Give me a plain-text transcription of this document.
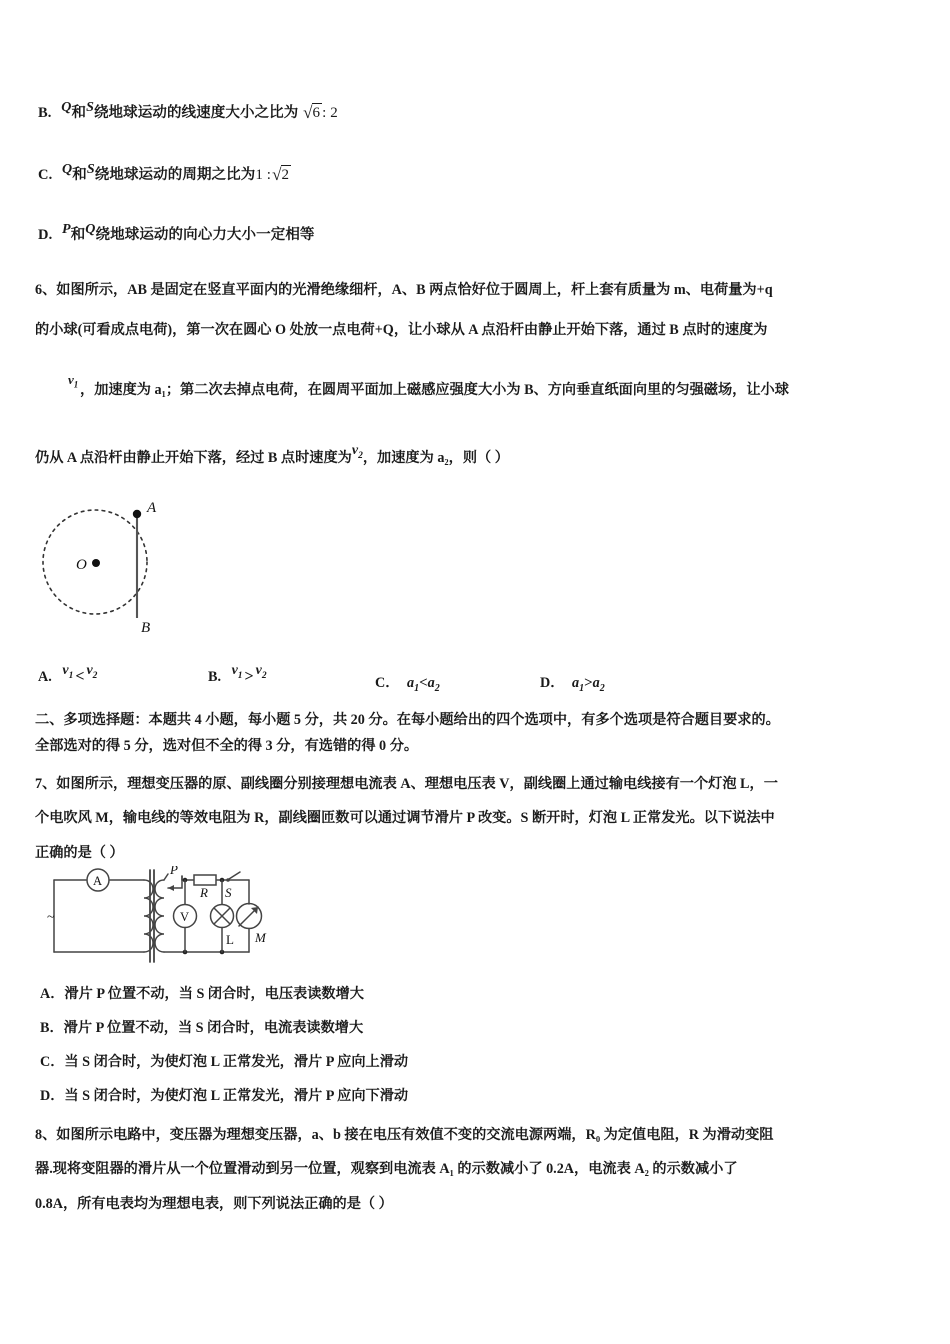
B. Q和S绕地球运动的线速度大小之比为 √6 : 2
C. Q和S绕地球运动的周期之比为1 :√2
D. P和Q绕地球运动的向心力大小一定相等
6、如图所示，AB 是固定在竖直平面内的光滑绝缘细杆，A、B 两点恰好位于圆周上，杆上套有质量为 m、电荷量为+q
的小球(可看成点电荷)，第一次在圆心 O 处放一点电荷+Q，让小球从 A 点沿杆由静止开始下落，通过 B 点时的速度为
$v_1$ ，加速度为 a₁；第二次去掉点电荷，在圆周平面加上磁感应强度大小为 B、方向垂直纸面向里的匀强磁场，让小球
仍从 A 点沿杆由静止开始下落，经过 B 点时速度为$v_2$，加速度为 a₂，则（ ）
A
B
O
A. $v_1 < v_2$	B. $v_1 > v_2$	C． $a_1<a_2$	D． $a_1>a_2$
二、多项选择题：本题共 4 小题，每小题 5 分，共 20 分。在每小题给出的四个选项中，有多个选项是符合题目要求的。
全部选对的得 5 分，选对但不全的得 3 分，有选错的得 0 分。
7、如图所示，理想变压器的原、副线圈分别接理想电流表 A、理想电压表 V，副线圈上通过输电线接有一个灯泡 L，一
个电吹风 M，输电线的等效电阻为 R，副线圈匝数可以通过调节滑片 P 改变。S 断开时，灯泡 L 正常发光。以下说法中
正确的是（ ）
A
V
P
R S
L M
~
A．滑片 P 位置不动，当 S 闭合时，电压表读数增大
B．滑片 P 位置不动，当 S 闭合时，电流表读数增大
C．当 S 闭合时，为使灯泡 L 正常发光，滑片 P 应向上滑动
D．当 S 闭合时，为使灯泡 L 正常发光，滑片 P 应向下滑动
8、如图所示电路中，变压器为理想变压器，a、b 接在电压有效值不变的交流电源两端，R₀ 为定值电阻，R 为滑动变阻
器.现将变阻器的滑片从一个位置滑动到另一位置，观察到电流表 A₁ 的示数减小了 0.2A，电流表 A₂ 的示数减小了
0.8A，所有电表均为理想电表，则下列说法正确的是（ ）
